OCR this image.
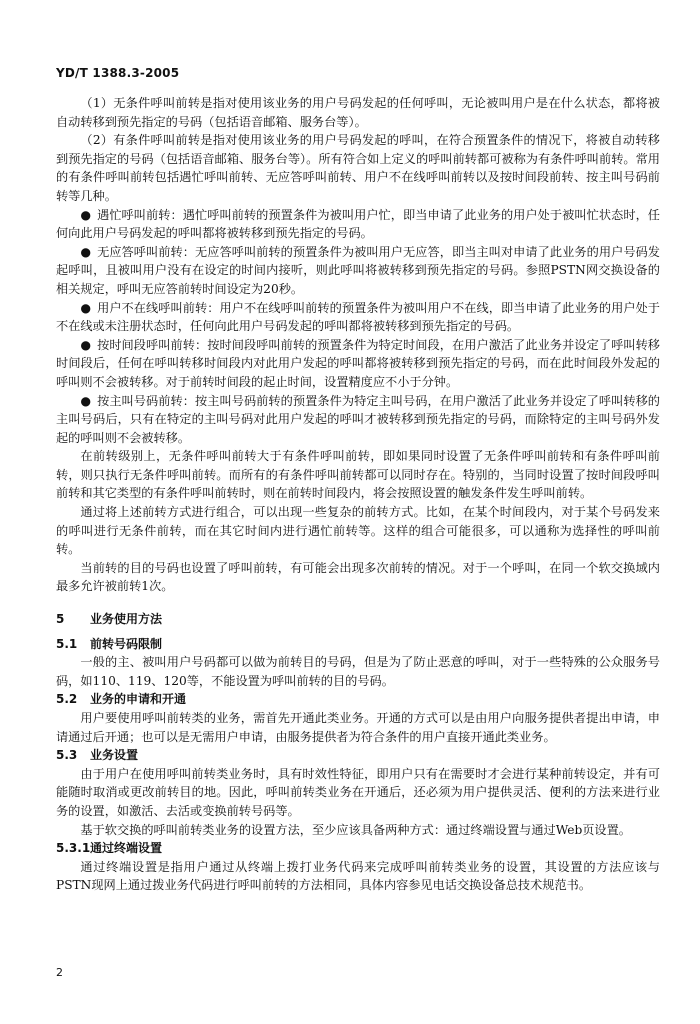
YD/T 1388.3-2005

（1）无条件呼叫前转是指对使用该业务的用户号码发起的任何呼叫，无论被叫用户是在什么状态，都将被自动转移到预先指定的号码（包括语音邮箱、服务台等）。

（2）有条件呼叫前转是指对使用该业务的用户号码发起的呼叫，在符合预置条件的情况下，将被自动转移到预先指定的号码（包括语音邮箱、服务台等）。所有符合如上定义的呼叫前转都可被称为有条件呼叫前转。常用的有条件呼叫前转包括遇忙呼叫前转、无应答呼叫前转、用户不在线呼叫前转以及按时间段前转、按主叫号码前转等几种。

● 遇忙呼叫前转：遇忙呼叫前转的预置条件为被叫用户忙，即当申请了此业务的用户处于被叫忙状态时，任何向此用户号码发起的呼叫都将被转移到预先指定的号码。

● 无应答呼叫前转：无应答呼叫前转的预置条件为被叫用户无应答，即当主叫对申请了此业务的用户号码发起呼叫，且被叫用户没有在设定的时间内接听，则此呼叫将被转移到预先指定的号码。参照PSTN网交换设备的相关规定，呼叫无应答前转时间设定为20秒。

● 用户不在线呼叫前转：用户不在线呼叫前转的预置条件为被叫用户不在线，即当申请了此业务的用户处于不在线或未注册状态时，任何向此用户号码发起的呼叫都将被转移到预先指定的号码。

● 按时间段呼叫前转：按时间段呼叫前转的预置条件为特定时间段，在用户激活了此业务并设定了呼叫转移时间段后，任何在呼叫转移时间段内对此用户发起的呼叫都将被转移到预先指定的号码，而在此时间段外发起的呼叫则不会被转移。对于前转时间段的起止时间，设置精度应不小于分钟。

● 按主叫号码前转：按主叫号码前转的预置条件为特定主叫号码，在用户激活了此业务并设定了呼叫转移的主叫号码后，只有在特定的主叫号码对此用户发起的呼叫才被转移到预先指定的号码，而除特定的主叫号码外发起的呼叫则不会被转移。

在前转级别上，无条件呼叫前转大于有条件呼叫前转，即如果同时设置了无条件呼叫前转和有条件呼叫前转，则只执行无条件呼叫前转。而所有的有条件呼叫前转都可以同时存在。特别的，当同时设置了按时间段呼叫前转和其它类型的有条件呼叫前转时，则在前转时间段内，将会按照设置的触发条件发生呼叫前转。

通过将上述前转方式进行组合，可以出现一些复杂的前转方式。比如，在某个时间段内，对于某个号码发来的呼叫进行无条件前转，而在其它时间内进行遇忙前转等。这样的组合可能很多，可以通称为选择性的呼叫前转。

当前转的目的号码也设置了呼叫前转，有可能会出现多次前转的情况。对于一个呼叫，在同一个软交换域内最多允许被前转1次。

5 业务使用方法

5.1 前转号码限制

一般的主、被叫用户号码都可以做为前转目的号码，但是为了防止恶意的呼叫，对于一些特殊的公众服务号码，如110、119、120等，不能设置为呼叫前转的目的号码。

5.2 业务的申请和开通

用户要使用呼叫前转类的业务，需首先开通此类业务。开通的方式可以是由用户向服务提供者提出申请，申请通过后开通；也可以是无需用户申请，由服务提供者为符合条件的用户直接开通此类业务。

5.3 业务设置

由于用户在使用呼叫前转类业务时，具有时效性特征，即用户只有在需要时才会进行某种前转设定，并有可能随时取消或更改前转目的地。因此，呼叫前转类业务在开通后，还必须为用户提供灵活、便利的方法来进行业务的设置，如激活、去活或变换前转号码等。

基于软交换的呼叫前转类业务的设置方法，至少应该具备两种方式：通过终端设置与通过Web页设置。

5.3.1通过终端设置

通过终端设置是指用户通过从终端上拨打业务代码来完成呼叫前转类业务的设置，其设置的方法应该与PSTN现网上通过拨业务代码进行呼叫前转的方法相同，具体内容参见电话交换设备总技术规范书。

2
